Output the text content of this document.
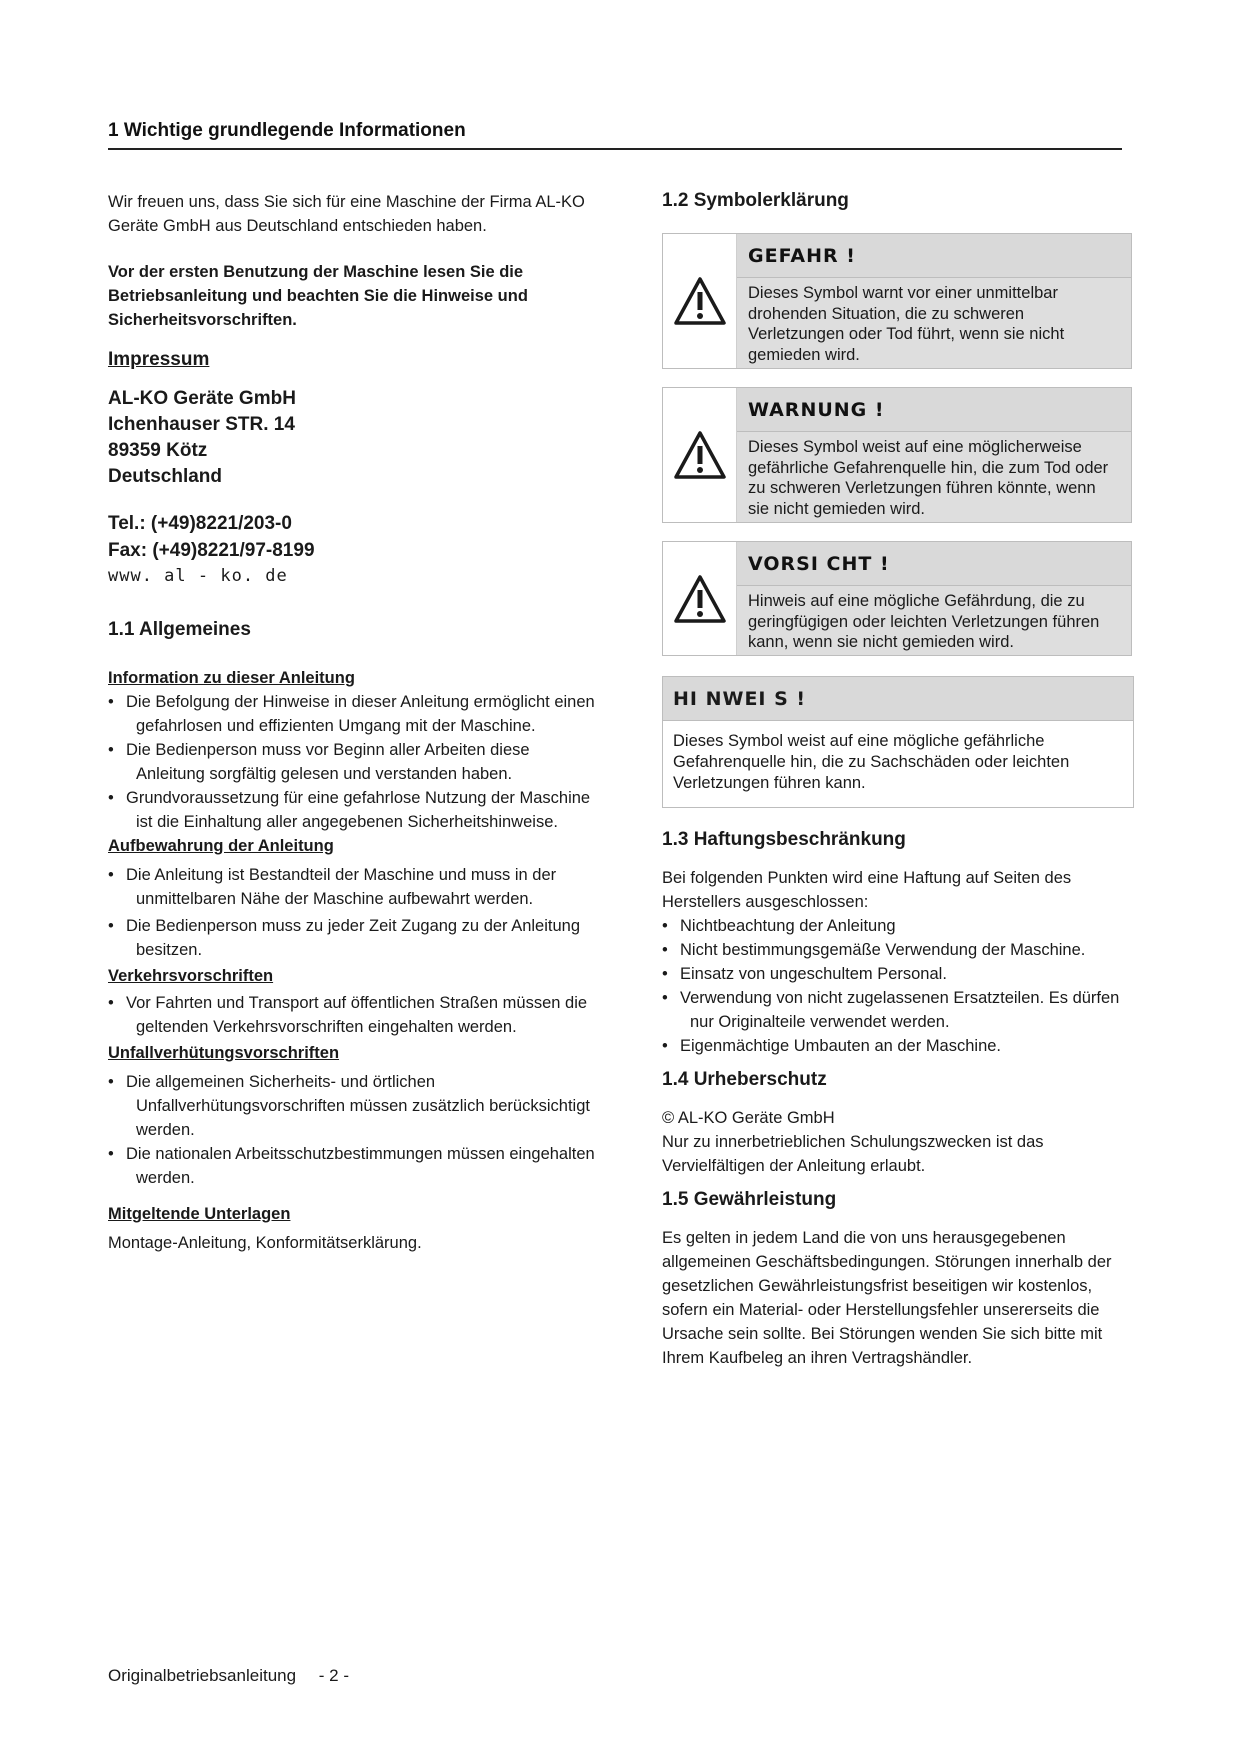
1 Wichtige grundlegende Informationen

Wir freuen uns, dass Sie sich für eine Maschine der Firma AL-KO Geräte GmbH aus Deutschland entschieden haben.

Vor der ersten Benutzung der Maschine lesen Sie die Betriebsanleitung und beachten Sie die Hinweise und Sicherheitsvorschriften.

Impressum

AL-KO Geräte GmbH
Ichenhauser STR. 14
89359 Kötz
Deutschland
Tel.: (+49)8221/203-0
Fax: (+49)8221/97-8199
www. al - ko. de
1.1 Allgemeines

Information zu dieser Anleitung

• Die Befolgung der Hinweise in dieser Anleitung ermöglicht einen gefahrlosen und effizienten Umgang mit der Maschine.
• Die Bedienperson muss vor Beginn aller Arbeiten diese Anleitung sorgfältig gelesen und verstanden haben.
• Grundvoraussetzung für eine gefahrlose Nutzung der Maschine ist die Einhaltung aller angegebenen Sicherheitshinweise.

Aufbewahrung der Anleitung

• Die Anleitung ist Bestandteil der Maschine und muss in der unmittelbaren Nähe der Maschine aufbewahrt werden.
• Die Bedienperson muss zu jeder Zeit Zugang zu der Anleitung besitzen.

Verkehrsvorschriften

• Vor Fahrten und Transport auf öffentlichen Straßen müssen die geltenden Verkehrsvorschriften eingehalten werden.

Unfallverhütungsvorschriften

• Die allgemeinen Sicherheits- und örtlichen Unfallverhütungsvorschriften müssen zusätzlich berücksichtigt werden.
• Die nationalen Arbeitsschutzbestimmungen müssen eingehalten werden.

Mitgeltende Unterlagen

Montage-Anleitung, Konformitätserklärung.

1.2 Symbolerklärung
GEFAHR !
Dieses Symbol warnt vor einer unmittelbar drohenden Situation, die zu schweren Verletzungen oder Tod führt, wenn sie nicht gemieden wird.
WARNUNG !
Dieses Symbol weist auf eine möglicherweise gefährliche Gefahrenquelle hin, die zum Tod oder zu schweren Verletzungen führen könnte, wenn sie nicht gemieden wird.
VORSI CHT !
Hinweis auf eine mögliche Gefährdung, die zu geringfügigen oder leichten Verletzungen führen kann, wenn sie nicht gemieden wird.
HI NWEI S !
Dieses Symbol weist auf eine mögliche gefährliche Gefahrenquelle hin, die zu Sachschäden oder leichten Verletzungen führen kann.
1.3 Haftungsbeschränkung

Bei folgenden Punkten wird eine Haftung auf Seiten des Herstellers ausgeschlossen:

• Nichtbeachtung der Anleitung
• Nicht bestimmungsgemäße Verwendung der Maschine.
• Einsatz von ungeschultem Personal.
• Verwendung von nicht zugelassenen Ersatzteilen. Es dürfen nur Originalteile verwendet werden.
• Eigenmächtige Umbauten an der Maschine.
1.4 Urheberschutz

© AL-KO Geräte GmbH

Nur zu innerbetrieblichen Schulungszwecken ist das Vervielfältigen der Anleitung erlaubt.

1.5 Gewährleistung

Es gelten in jedem Land die von uns herausgegebenen allgemeinen Geschäftsbedingungen. Störungen innerhalb der gesetzlichen Gewährleistungsfrist beseitigen wir kostenlos, sofern ein Material- oder Herstellungsfehler unsererseits die Ursache sein sollte. Bei Störungen wenden Sie sich bitte mit Ihrem Kaufbeleg an ihren Vertragshändler.

Originalbetriebsanleitung - 2 -
